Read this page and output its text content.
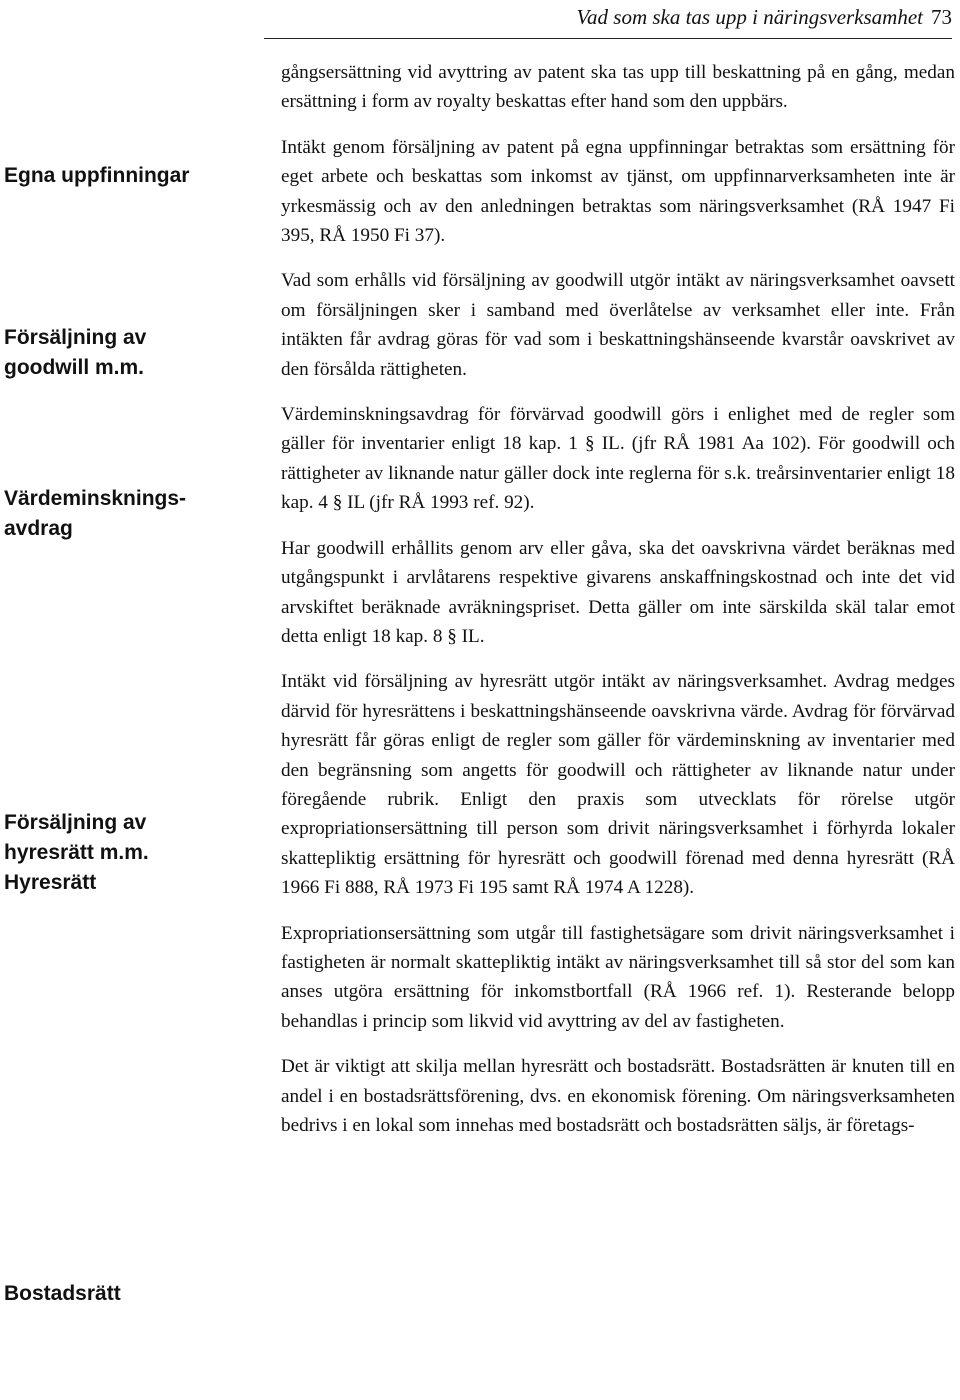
Vad som ska tas upp i näringsverksamhet 73
Egna uppfinningar
Försäljning av
goodwill m.m.
Värdeminsknings-
avdrag
Försäljning av
hyresrätt m.m.
Hyresrätt
Bostadsrätt

gångsersättning vid avyttring av patent ska tas upp till beskattning på en gång, medan ersättning i form av royalty beskattas efter hand som den uppbärs.

Intäkt genom försäljning av patent på egna uppfinningar betraktas som ersättning för eget arbete och beskattas som inkomst av tjänst, om uppfinnarverksamheten inte är yrkesmässig och av den anledningen betraktas som näringsverksamhet (RÅ 1947 Fi 395, RÅ 1950 Fi 37).

Vad som erhålls vid försäljning av goodwill utgör intäkt av näringsverksamhet oavsett om försäljningen sker i samband med överlåtelse av verksamhet eller inte. Från intäkten får avdrag göras för vad som i beskattningshänseende kvarstår oavskrivet av den försålda rättigheten.

Värdeminskningsavdrag för förvärvad goodwill görs i enlighet med de regler som gäller för inventarier enligt 18 kap. 1 § IL. (jfr RÅ 1981 Aa 102). För goodwill och rättigheter av liknande natur gäller dock inte reglerna för s.k. treårsinventarier enligt 18 kap. 4 § IL (jfr RÅ 1993 ref. 92).

Har goodwill erhållits genom arv eller gåva, ska det oavskrivna värdet beräknas med utgångspunkt i arvlåtarens respektive givarens anskaffningskostnad och inte det vid arvskiftet beräknade avräkningspriset. Detta gäller om inte särskilda skäl talar emot detta enligt 18 kap. 8 § IL.

Intäkt vid försäljning av hyresrätt utgör intäkt av näringsverksamhet. Avdrag medges därvid för hyresrättens i beskattningshänseende oavskrivna värde. Avdrag för förvärvad hyresrätt får göras enligt de regler som gäller för värdeminskning av inventarier med den begränsning som angetts för goodwill och rättigheter av liknande natur under föregående rubrik. Enligt den praxis som utvecklats för rörelse utgör expropriationsersättning till person som drivit näringsverksamhet i förhyrda lokaler skattepliktig ersättning för hyresrätt och goodwill förenad med denna hyresrätt (RÅ 1966 Fi 888, RÅ 1973 Fi 195 samt RÅ 1974 A 1228).

Expropriationsersättning som utgår till fastighetsägare som drivit näringsverksamhet i fastigheten är normalt skattepliktig intäkt av näringsverksamhet till så stor del som kan anses utgöra ersättning för inkomstbortfall (RÅ 1966 ref. 1). Resterande belopp behandlas i princip som likvid vid avyttring av del av fastigheten.

Det är viktigt att skilja mellan hyresrätt och bostadsrätt. Bostadsrätten är knuten till en andel i en bostadsrättsförening, dvs. en ekonomisk förening. Om näringsverksamheten bedrivs i en lokal som innehas med bostadsrätt och bostadsrätten säljs, är företags-
